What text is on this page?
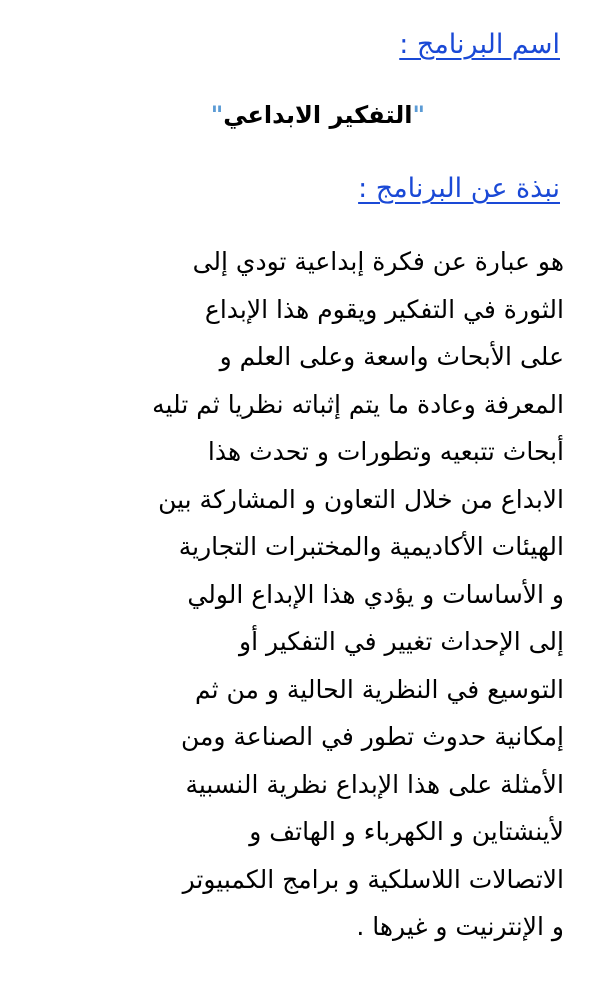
اسم البرنامج :
"التفكير الابداعي"
نبذة عن البرنامج :
هو عبارة عن فكرة إبداعية تودي إلى
الثورة في التفكير ويقوم هذا الإبداع
على الأبحاث واسعة وعلى العلم و
المعرفة وعادة ما يتم إثباته نظريا ثم تليه
أبحاث تتبعيه وتطورات و تحدث هذا
الابداع من خلال التعاون و المشاركة بين
الهيئات الأكاديمية والمختبرات التجارية
و الأساسات و يؤدي هذا الإبداع الولي
إلى الإحداث تغيير في التفكير أو
التوسيع في النظرية الحالية و من ثم
إمكانية حدوث تطور في الصناعة ومن
الأمثلة على هذا الإبداع نظرية النسبية
لأينشتاين و الكهرباء و الهاتف و
الاتصالات اللاسلكية و برامج الكمبيوتر
و الإنترنيت و غيرها .
